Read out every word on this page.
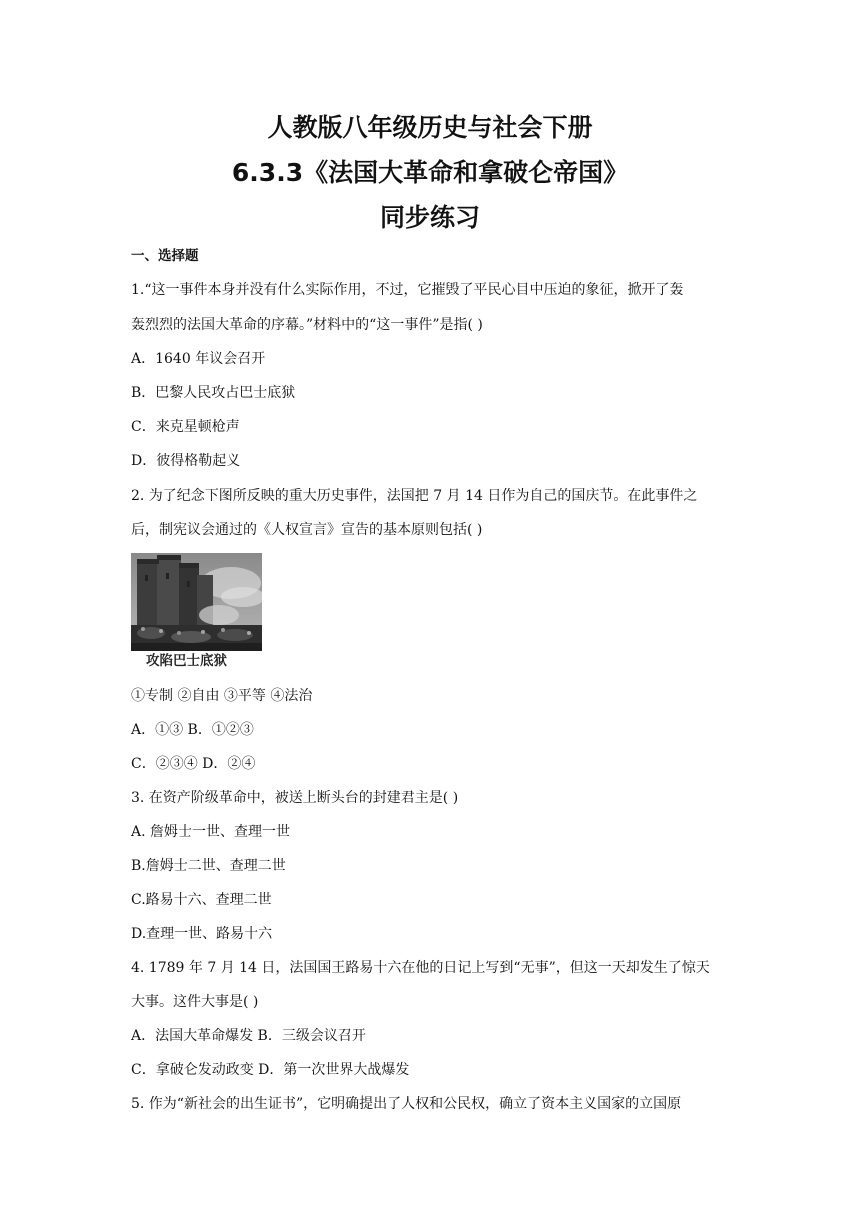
人教版八年级历史与社会下册
6.3.3《法国大革命和拿破仑帝国》
同步练习
一、选择题
1.“这一事件本身并没有什么实际作用，不过，它摧毁了平民心目中压迫的象征，掀开了轰
轰烈烈的法国大革命的序幕。”材料中的“这一事件”是指( )
A．1640 年议会召开
B．巴黎人民攻占巴士底狱
C．来克星顿枪声
D．彼得格勒起义
2. 为了纪念下图所反映的重大历史事件，法国把 7 月 14 日作为自己的国庆节。在此事件之
后，制宪议会通过的《人权宣言》宣告的基本原则包括( )
攻陷巴士底狱
①专制 ②自由 ③平等 ④法治
A．①③ B．①②③
C．②③④ D．②④
3. 在资产阶级革命中，被送上断头台的封建君主是( )
A. 詹姆士一世、查理一世
B.詹姆士二世、查理二世
C.路易十六、查理二世
D.查理一世、路易十六
4. 1789 年 7 月 14 日，法国国王路易十六在他的日记上写到“无事”，但这一天却发生了惊天
大事。这件大事是( )
A．法国大革命爆发 B．三级会议召开
C．拿破仑发动政变 D．第一次世界大战爆发
5. 作为“新社会的出生证书”，它明确提出了人权和公民权，确立了资本主义国家的立国原
